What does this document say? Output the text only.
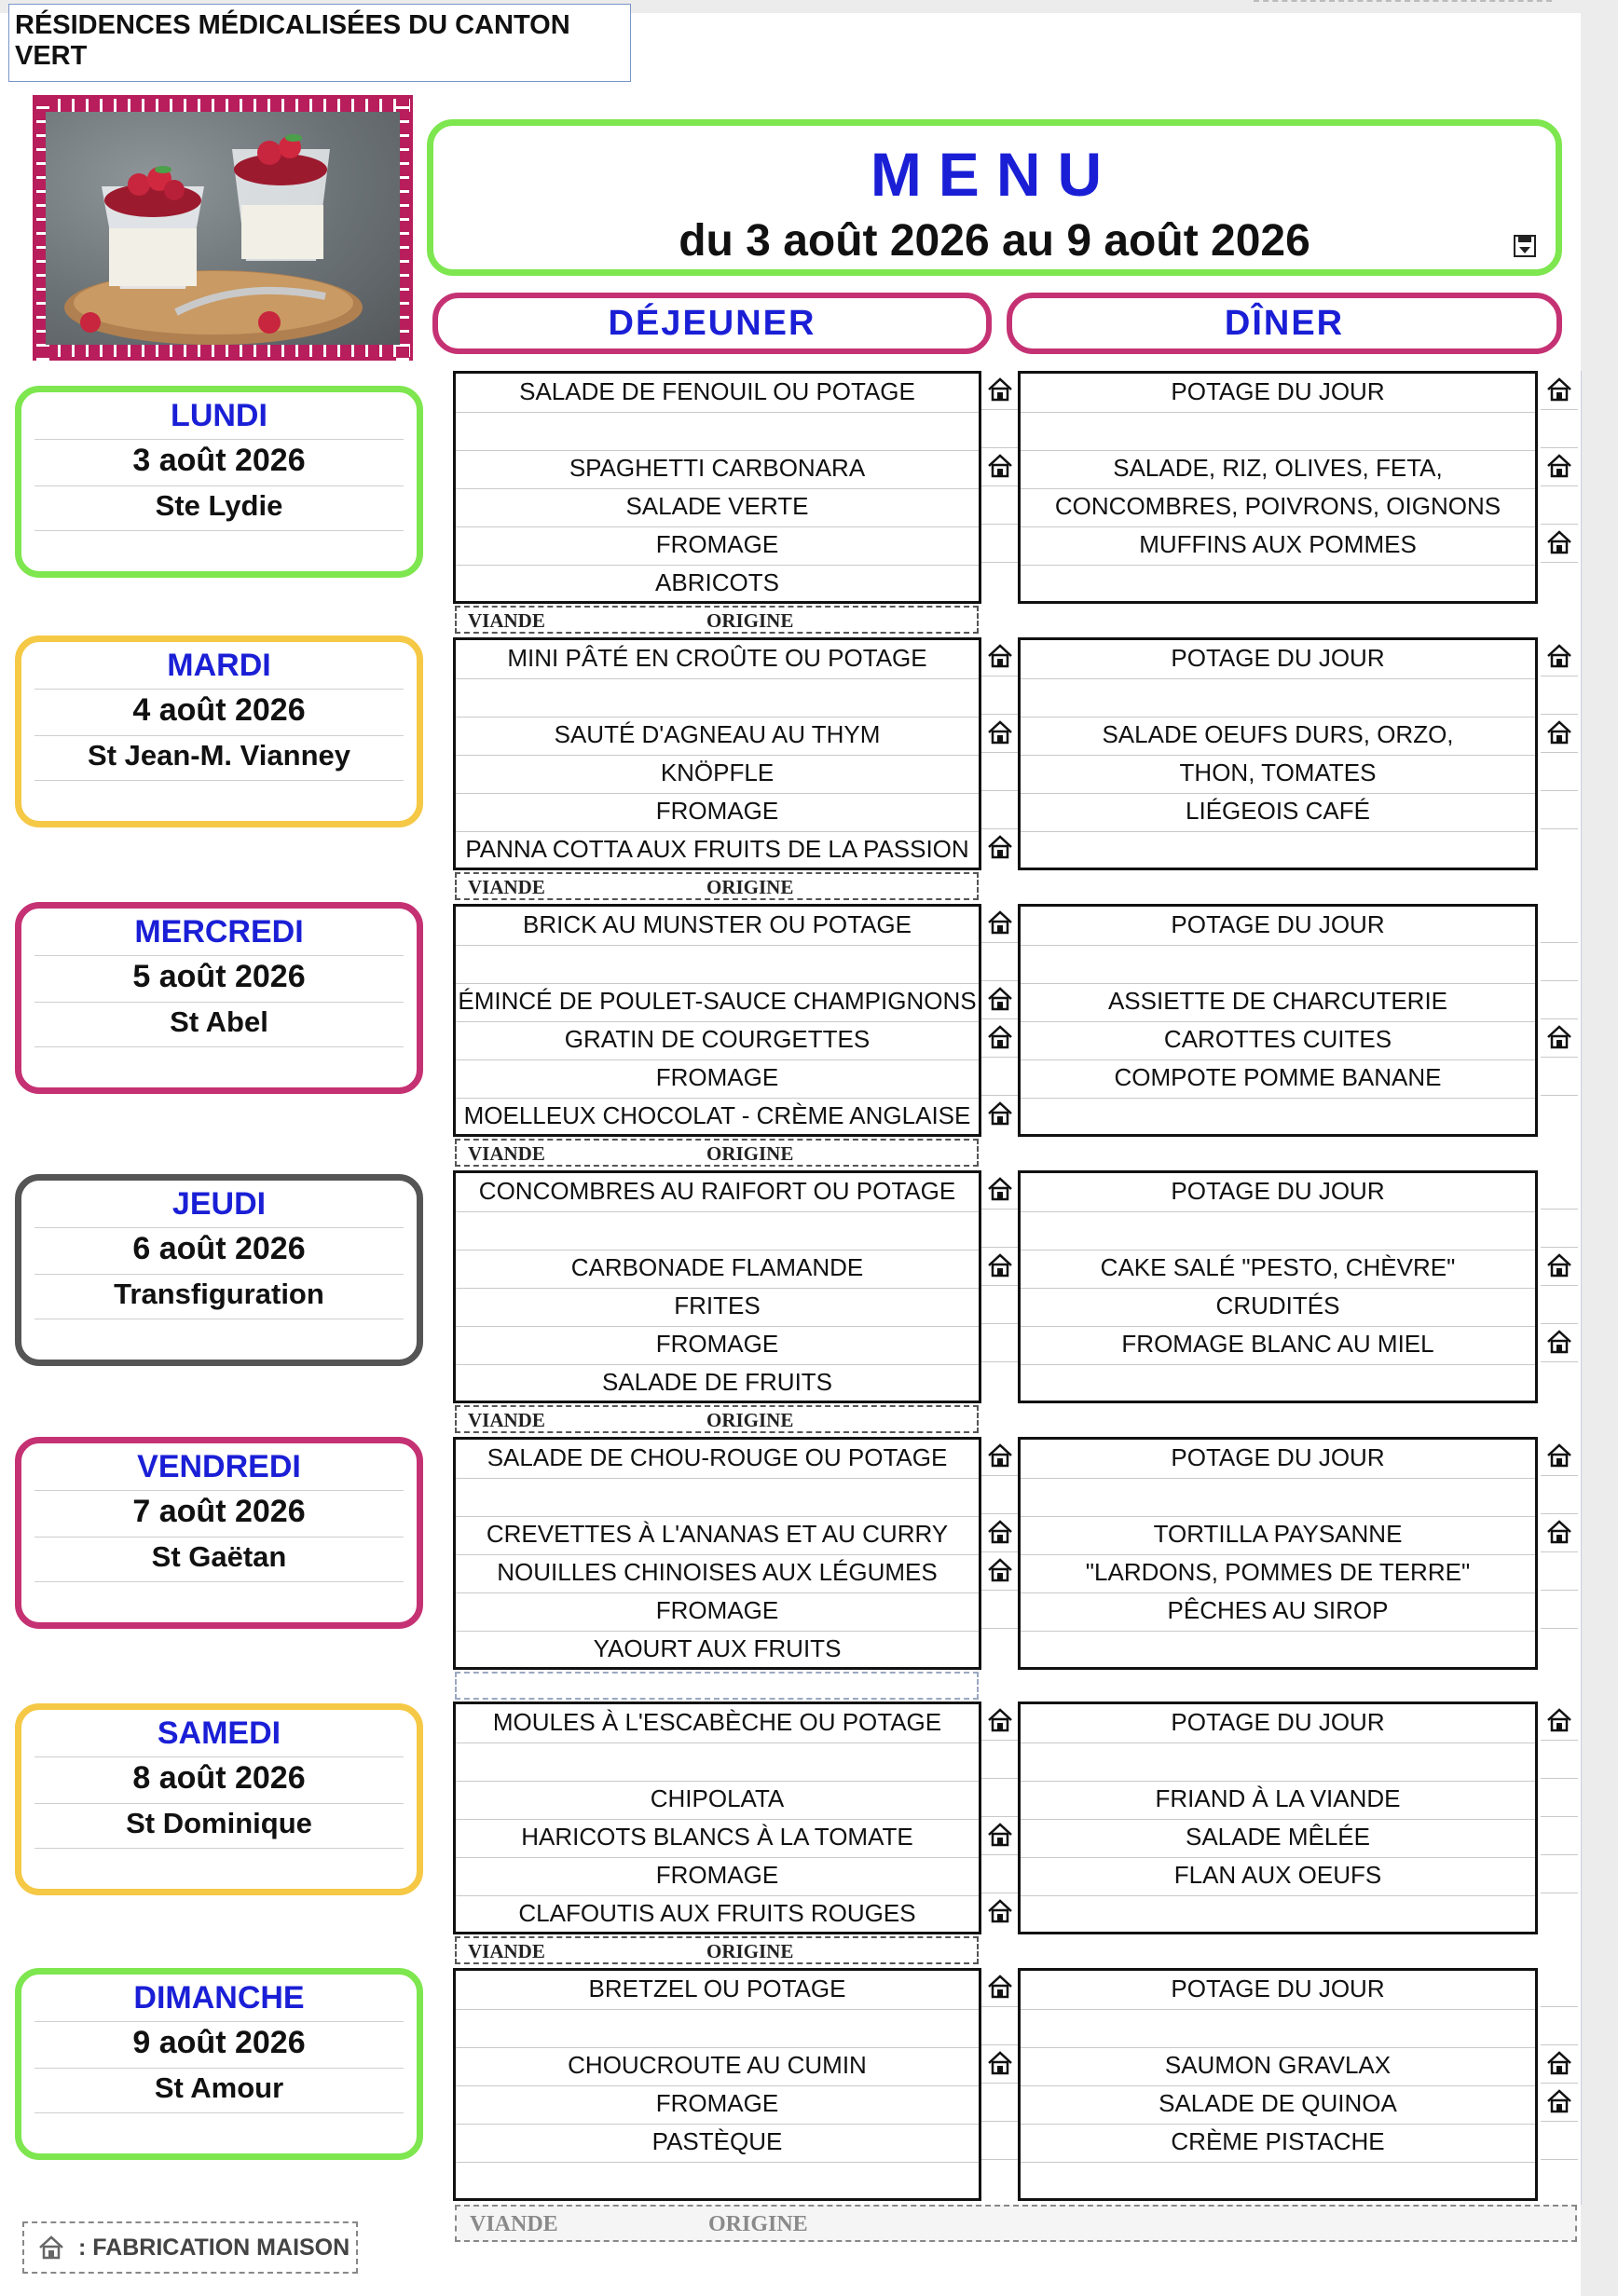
RÉSIDENCES MÉDICALISÉES DU CANTON VERT
MENU
du 3 août 2026 au 9 août 2026
DÉJEUNER	DÎNER
LUNDI
3 août 2026
Ste Lydie
SALADE DE FENOUIL OU POTAGE
SPAGHETTI CARBONARA
SALADE VERTE
FROMAGE
ABRICOTS
POTAGE DU JOUR
SALADE, RIZ, OLIVES, FETA,
CONCOMBRES, POIVRONS, OIGNONS
MUFFINS AUX POMMES
VIANDE	ORIGINE
MARDI
4 août 2026
St Jean-M. Vianney
MINI PÂTÉ EN CROÛTE OU POTAGE
SAUTÉ D'AGNEAU AU THYM
KNÖPFLE
FROMAGE
PANNA COTTA AUX FRUITS DE LA PASSION
POTAGE DU JOUR
SALADE OEUFS DURS, ORZO,
THON, TOMATES
LIÉGEOIS CAFÉ
VIANDE	ORIGINE
MERCREDI
5 août 2026
St Abel
BRICK AU MUNSTER OU POTAGE
ÉMINCÉ DE POULET-SAUCE CHAMPIGNONS
GRATIN DE COURGETTES
FROMAGE
MOELLEUX CHOCOLAT - CRÈME ANGLAISE
POTAGE DU JOUR
ASSIETTE DE CHARCUTERIE
CAROTTES CUITES
COMPOTE POMME BANANE
VIANDE	ORIGINE
JEUDI
6 août 2026
Transfiguration
CONCOMBRES AU RAIFORT OU POTAGE
CARBONADE FLAMANDE
FRITES
FROMAGE
SALADE DE FRUITS
POTAGE DU JOUR
CAKE SALÉ "PESTO, CHÈVRE"
CRUDITÉS
FROMAGE BLANC AU MIEL
VIANDE	ORIGINE
VENDREDI
7 août 2026
St Gaëtan
SALADE DE CHOU-ROUGE OU POTAGE
CREVETTES À L'ANANAS ET AU CURRY
NOUILLES CHINOISES AUX LÉGUMES
FROMAGE
YAOURT AUX FRUITS
POTAGE DU JOUR
TORTILLA PAYSANNE
"LARDONS, POMMES DE TERRE"
PÊCHES AU SIROP
SAMEDI
8 août 2026
St Dominique
MOULES À L'ESCABÈCHE OU POTAGE
CHIPOLATA
HARICOTS BLANCS À LA TOMATE
FROMAGE
CLAFOUTIS AUX FRUITS ROUGES
POTAGE DU JOUR
FRIAND À LA VIANDE
SALADE MÊLÉE
FLAN AUX OEUFS
VIANDE	ORIGINE
DIMANCHE
9 août 2026
St Amour
BRETZEL OU POTAGE
CHOUCROUTE AU CUMIN
FROMAGE
PASTÈQUE
POTAGE DU JOUR
SAUMON GRAVLAX
SALADE DE QUINOA
CRÈME PISTACHE
VIANDE	ORIGINE
: FABRICATION MAISON
